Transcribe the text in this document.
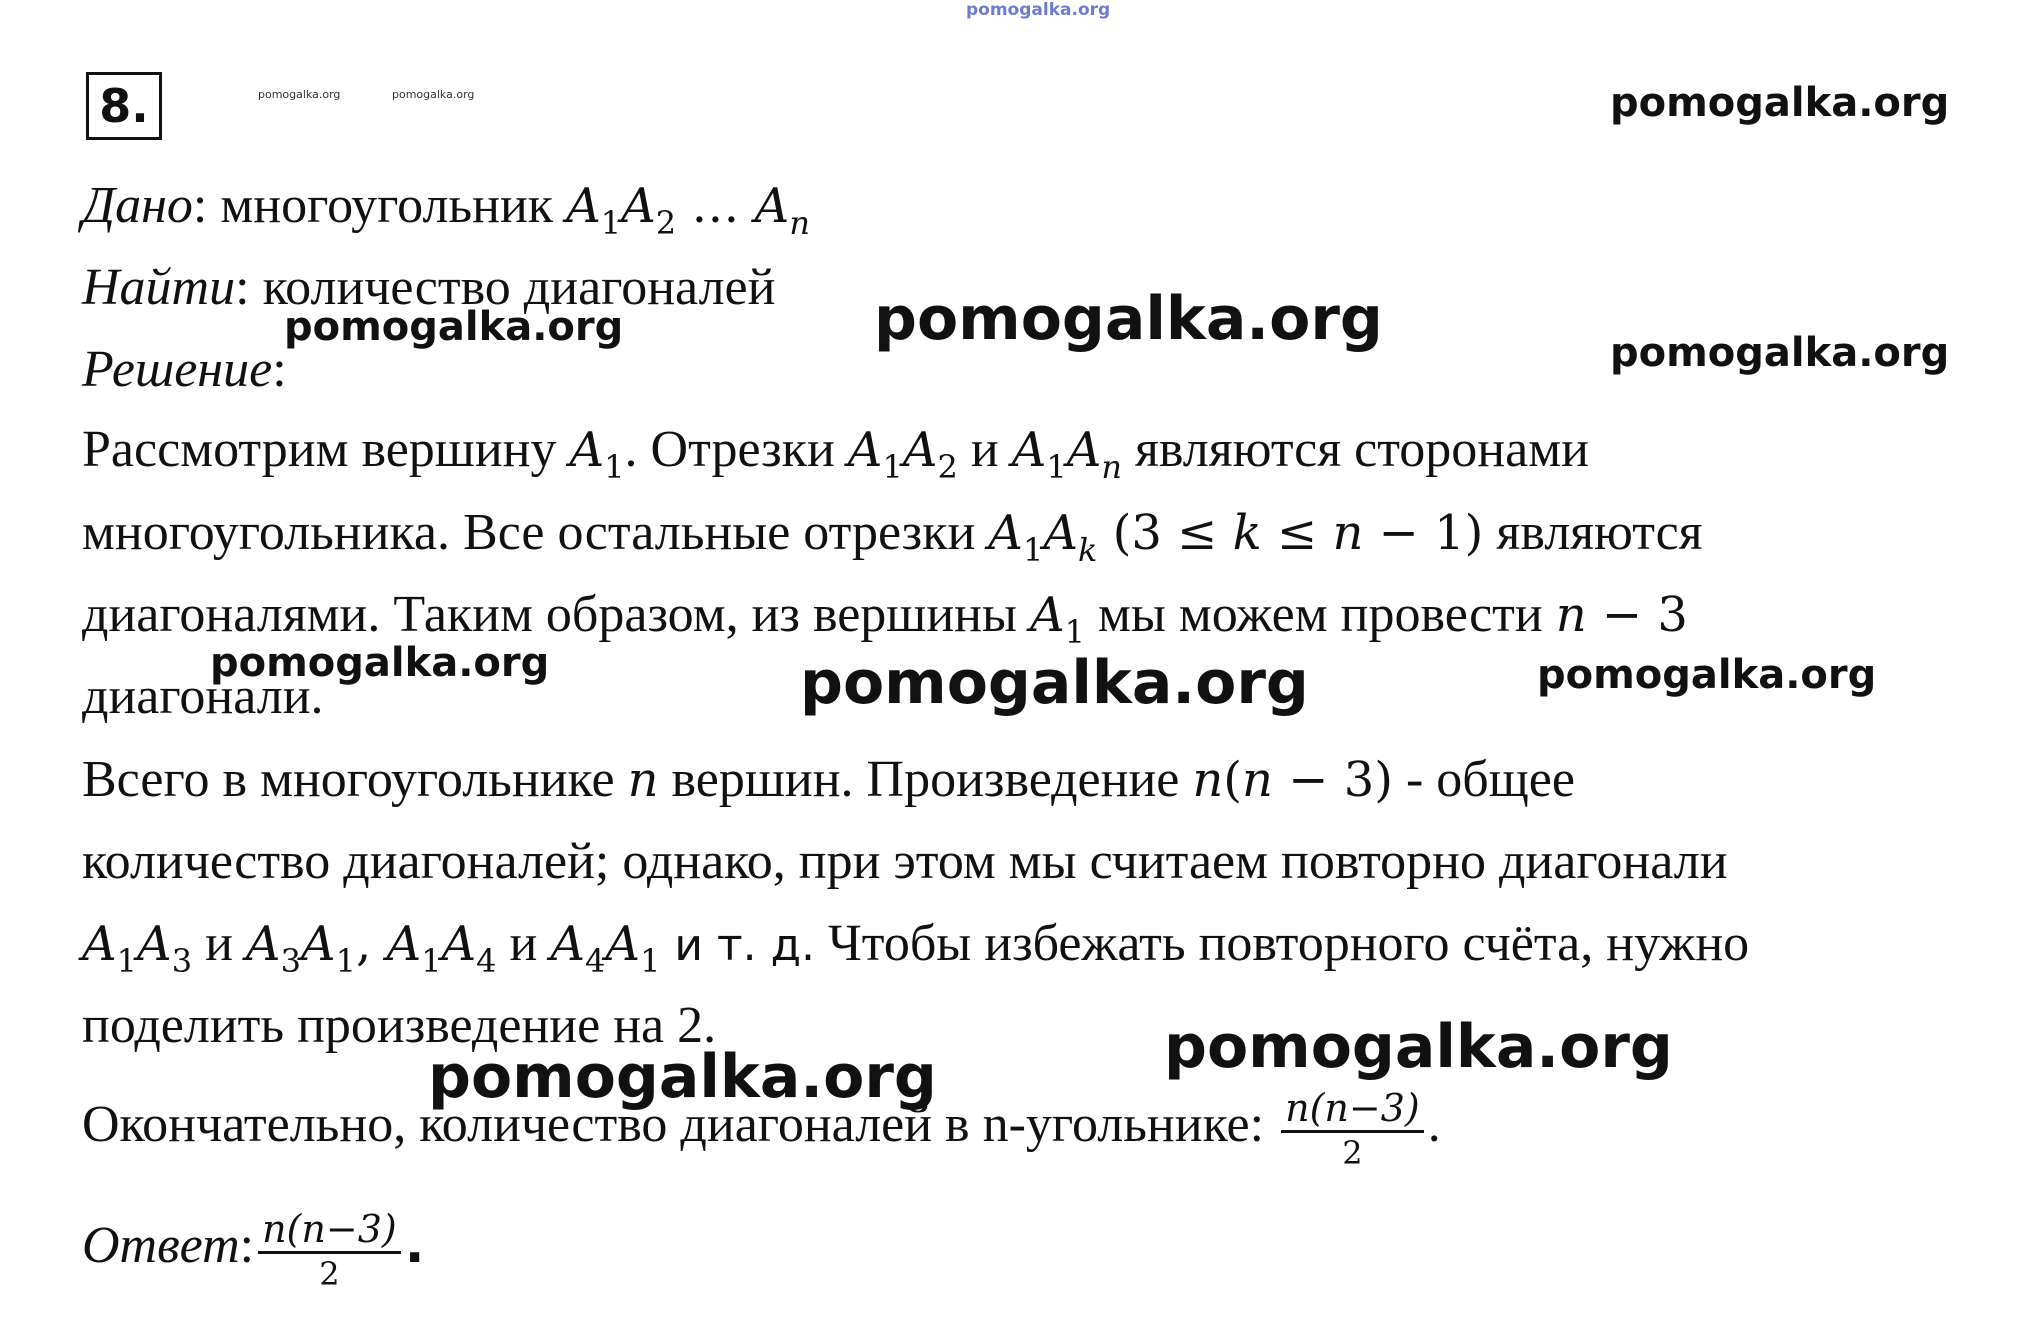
pomogalka.org
pomogalka.org	pomogalka.org	pomogalka.org
8.
Дано: многоугольник $A_1A_2$ … $A_n$
Найти: количество диагоналей
pomogalka.org	pomogalka.org
Решение:	pomogalka.org
Рассмотрим вершину $A_1$. Отрезки $A_1A_2$ и $A_1A_n$ являются сторонами
многоугольника. Все остальные отрезки $A_1A_k$ (3 ≤ k ≤ n − 1) являются
диагоналями. Таким образом, из вершины $A_1$ мы можем провести n − 3
диагонали.
pomogalka.org	pomogalka.org	pomogalka.org
Всего в многоугольнике n вершин. Произведение n(n − 3) - общее
количество диагоналей; однако, при этом мы считаем повторно диагонали
$A_1A_3$ и $A_3A_1$, $A_1A_4$ и $A_4A_1$ и т. д. Чтобы избежать повторного счёта, нужно
поделить произведение на 2.	pomogalka.org
pomogalka.org
Окончательно, количество диагоналей в n-угольнике: $\frac{n(n-3)}{2}$ .
Ответ: $\frac{n(n-3)}{2}$ .
